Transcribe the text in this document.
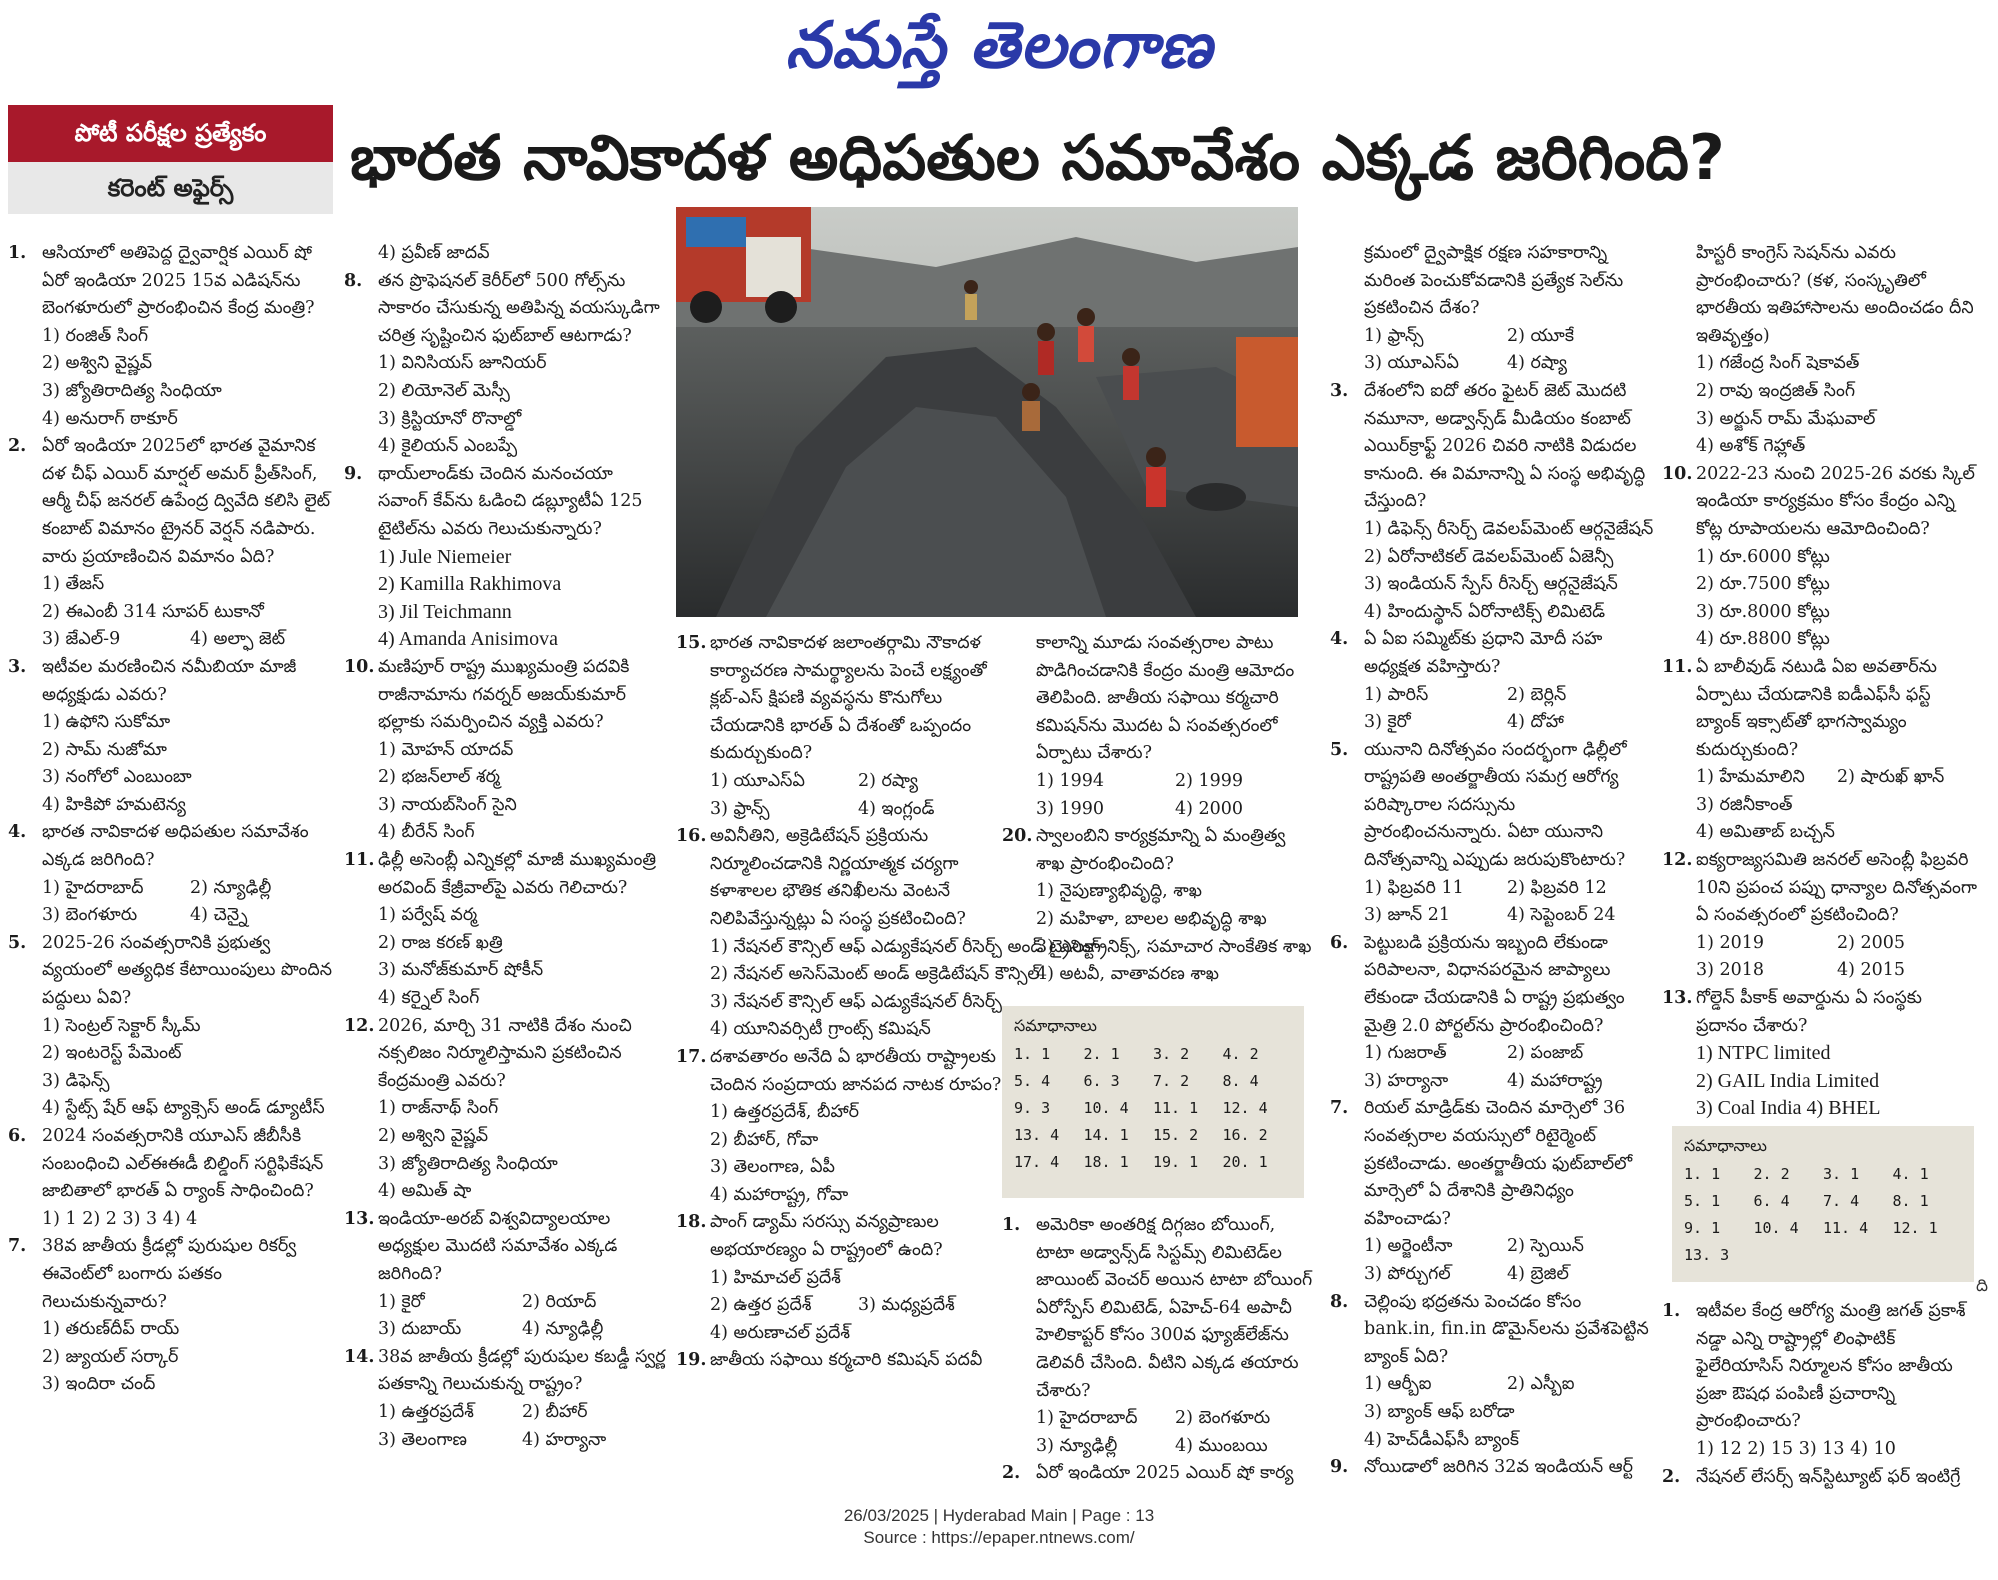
నమస్తే తెలంగాణ
పోటీ పరీక్షల ప్రత్యేకం
కరెంట్ అఫైర్స్	భారత నావికాదళ అధిపతుల సమావేశం ఎక్కడ జరిగింది?
1. ఆసియాలో అతిపెద్ద ద్వైవార్షిక ఎయిర్ షో ఏరో ఇండియా 2025 15వ ఎడిషన్‌ను బెంగళూరులో ప్రారంభించిన కేంద్ర మంత్రి?
1) రంజిత్ సింగ్
2) అశ్విని వైష్ణవ్
3) జ్యోతిరాదిత్య సింధియా
4) అనురాగ్ ఠాకూర్
2. ఏరో ఇండియా 2025లో భారత వైమానిక దళ చీఫ్ ఎయిర్ మార్షల్ అమర్ ప్రీత్‌సింగ్, ఆర్మీ చీఫ్ జనరల్ ఉపేంద్ర ద్వివేది కలిసి లైట్ కంబాట్ విమానం ట్రైనర్ వెర్షన్ నడిపారు. వారు ప్రయాణించిన విమానం ఏది?
1) తేజస్
2) ఈఎంబీ 314 సూపర్ టుకానో
3) జేఎల్-9	4) అల్ఫా జెట్
3. ఇటీవల మరణించిన నమీబియా మాజీ అధ్యక్షుడు ఎవరు?
1) ఉఫోని సుకోమా
2) సామ్ నుజోమా
3) నంగోలో ఎంబుంబా
4) హికిపో హమటెన్య
4. భారత నావికాదళ అధిపతుల సమావేశం ఎక్కడ జరిగింది?
1) హైదరాబాద్	2) న్యూఢిల్లీ
3) బెంగళూరు	4) చెన్నై
5. 2025-26 సంవత్సరానికి ప్రభుత్వ వ్యయంలో అత్యధిక కేటాయింపులు పొందిన పద్దులు ఏవి?
1) సెంట్రల్ సెక్టార్ స్కీమ్
2) ఇంటరెస్ట్ పేమెంట్
3) డిఫెన్స్
4) స్టేట్స్ షేర్ ఆఫ్ ట్యాక్సెస్ అండ్ డ్యూటీస్
6. 2024 సంవత్సరానికి యూఎస్ జీబీసీకి సంబంధించి ఎల్‌ఈఈడీ బిల్డింగ్ సర్టిఫికేషన్ జాబితాలో భారత్ ఏ ర్యాంక్ సాధించింది?
1) 1 2) 2 3) 3 4) 4
7. 38వ జాతీయ క్రీడల్లో పురుషుల రికర్వ్ ఈవెంట్‌లో బంగారు పతకం గెలుచుకున్నవారు?
1) తరుణ్‌దీప్ రాయ్
2) జ్యుయల్ సర్కార్
3) ఇందిరా చంద్
4) ప్రవీణ్ జాదవ్
8. తన ప్రొఫెషనల్ కెరీర్‌లో 500 గోల్స్‌ను సాకారం చేసుకున్న అతిపిన్న వయస్కుడిగా చరిత్ర సృష్టించిన ఫుట్‌బాల్ ఆటగాడు?
1) వినిసియస్ జూనియర్
2) లియోనెల్ మెస్సీ
3) క్రిస్టియానో రొనాల్డో
4) కైలియన్ ఎంబప్పే
9. థాయ్‌లాండ్‌కు చెందిన మనంచయా సవాంగ్ కేవ్‌ను ఓడించి డబ్ల్యూటీఏ 125 టైటిల్‌ను ఎవరు గెలుచుకున్నారు?
1) Jule Niemeier
2) Kamilla Rakhimova
3) Jil Teichmann
4) Amanda Anisimova
10. మణిపూర్ రాష్ట్ర ముఖ్యమంత్రి పదవికి రాజీనామాను గవర్నర్ అజయ్‌కుమార్ భల్లాకు సమర్పించిన వ్యక్తి ఎవరు?
1) మోహన్ యాదవ్
2) భజన్‌లాల్ శర్మ
3) నాయబ్‌సింగ్ సైని
4) బీరేన్ సింగ్
11. ఢిల్లీ అసెంబ్లీ ఎన్నికల్లో మాజీ ముఖ్యమంత్రి అరవింద్ కేజ్రీవాల్‌పై ఎవరు గెలిచారు?
1) పర్వేష్ వర్మ
2) రాజ కరణ్ ఖత్రి
3) మనోజ్‌కుమార్ షోకీన్
4) కర్నైల్ సింగ్
12. 2026, మార్చి 31 నాటికి దేశం నుంచి నక్సలిజం నిర్మూలిస్తామని ప్రకటించిన కేంద్రమంత్రి ఎవరు?
1) రాజ్‌నాథ్ సింగ్
2) అశ్విని వైష్ణవ్
3) జ్యోతిరాదిత్య సింధియా
4) అమిత్ షా
13. ఇండియా-అరబ్ విశ్వవిద్యాలయాల అధ్యక్షుల మొదటి సమావేశం ఎక్కడ జరిగింది?
1) కైరో	2) రియాద్
3) దుబాయ్	4) న్యూఢిల్లీ
14. 38వ జాతీయ క్రీడల్లో పురుషుల కబడ్డీ స్వర్ణ పతకాన్ని గెలుచుకున్న రాష్ట్రం?
1) ఉత్తరప్రదేశ్	2) బీహార్
3) తెలంగాణ	4) హర్యానా
15. భారత నావికాదళ జలాంతర్గామి నౌకాదళ కార్యాచరణ సామర్థ్యాలను పెంచే లక్ష్యంతో క్లబ్-ఎస్ క్షిపణి వ్యవస్థను కొనుగోలు చేయడానికి భారత్ ఏ దేశంతో ఒప్పందం కుదుర్చుకుంది?
1) యూఎస్ఏ	2) రష్యా
3) ఫ్రాన్స్	4) ఇంగ్లండ్
16. అవినీతిని, అక్రెడిటేషన్ ప్రక్రియను నిర్మూలించడానికి నిర్ణయాత్మక చర్యగా కళాశాలల భౌతిక తనిఖీలను వెంటనే నిలిపివేస్తున్నట్లు ఏ సంస్థ ప్రకటించింది?
1) నేషనల్ కౌన్సిల్ ఆఫ్ ఎడ్యుకేషనల్ రీసెర్చ్ అండ్ ట్రైనింగ్
2) నేషనల్ అసెస్‌మెంట్ అండ్ అక్రెడిటేషన్ కౌన్సిల్
3) నేషనల్ కౌన్సిల్ ఆఫ్ ఎడ్యుకేషనల్ రీసెర్చ్
4) యూనివర్సిటీ గ్రాంట్స్ కమిషన్
17. దశావతారం అనేది ఏ భారతీయ రాష్ట్రాలకు చెందిన సంప్రదాయ జానపద నాటక రూపం?
1) ఉత్తరప్రదేశ్, బీహార్
2) బీహార్, గోవా
3) తెలంగాణ, ఏపీ
4) మహారాష్ట్ర, గోవా
18. పాంగ్ డ్యామ్ సరస్సు వన్యప్రాణుల అభయారణ్యం ఏ రాష్ట్రంలో ఉంది?
1) హిమాచల్ ప్రదేశ్
2) ఉత్తర ప్రదేశ్	3) మధ్యప్రదేశ్
4) అరుణాచల్ ప్రదేశ్
19. జాతీయ సఫాయి కర్మచారి కమిషన్ పదవీ
కాలాన్ని మూడు సంవత్సరాల పాటు పొడిగించడానికి కేంద్రం మంత్రి ఆమోదం తెలిపింది. జాతీయ సఫాయి కర్మచారి కమిషన్‌ను మొదట ఏ సంవత్సరంలో ఏర్పాటు చేశారు?
1) 1994	2) 1999
3) 1990	4) 2000
20. స్వాలంబిని కార్యక్రమాన్ని ఏ మంత్రిత్వ శాఖ ప్రారంభించింది?
1) నైపుణ్యాభివృద్ధి, శాఖ
2) మహిళా, బాలల అభివృద్ధి శాఖ
3) ఎలక్ట్రానిక్స్, సమాచార సాంకేతిక శాఖ
4) అటవీ, వాతావరణ శాఖ
సమాధానాలు
1. 1	2. 1	3. 2	4. 2
5. 4	6. 3	7. 2	8. 4
9. 3	10. 4	11. 1	12. 4
13. 4	14. 1	15. 2	16. 2
17. 4	18. 1	19. 1	20. 1
1. అమెరికా అంతరిక్ష దిగ్గజం బోయింగ్, టాటా అడ్వాన్స్‌డ్ సిస్టమ్స్ లిమిటెడ్‌ల జాయింట్ వెంచర్ అయిన టాటా బోయింగ్ ఏరోస్పేస్ లిమిటెడ్, ఏహెచ్-64 అపాచీ హెలికాప్టర్ కోసం 300వ ఫ్యూజ్‌లేజ్‌ను డెలివరీ చేసింది. వీటిని ఎక్కడ తయారు చేశారు?
1) హైదరాబాద్	2) బెంగళూరు
3) న్యూఢిల్లీ	4) ముంబయి
2. ఏరో ఇండియా 2025 ఎయిర్ షో కార్య
క్రమంలో ద్వైపాక్షిక రక్షణ సహకారాన్ని మరింత పెంచుకోవడానికి ప్రత్యేక సెల్‌ను ప్రకటించిన దేశం?
1) ఫ్రాన్స్	2) యూకే
3) యూఎస్ఏ	4) రష్యా
3. దేశంలోని ఐదో తరం ఫైటర్ జెట్ మొదటి నమూనా, అడ్వాన్స్‌డ్ మీడియం కంబాట్ ఎయిర్‌క్రాఫ్ట్ 2026 చివరి నాటికి విడుదల కానుంది. ఈ విమానాన్ని ఏ సంస్థ అభివృద్ధి చేస్తుంది?
1) డిఫెన్స్ రీసెర్చ్ డెవలప్‌మెంట్ ఆర్గనైజేషన్
2) ఏరోనాటికల్ డెవలప్‌మెంట్ ఏజెన్సీ
3) ఇండియన్ స్పేస్ రీసెర్చ్ ఆర్గనైజేషన్
4) హిందుస్థాన్ ఏరోనాటిక్స్ లిమిటెడ్
4. ఏ ఏఐ సమ్మిట్‌కు ప్రధాని మోదీ సహ అధ్యక్షత వహిస్తారు?
1) పారిస్	2) బెర్లిన్
3) కైరో	4) దోహా
5. యునాని దినోత్సవం సందర్భంగా ఢిల్లీలో రాష్ట్రపతి అంతర్జాతీయ సమగ్ర ఆరోగ్య పరిష్కారాల సదస్సును ప్రారంభించనున్నారు. ఏటా యునాని దినోత్సవాన్ని ఎప్పుడు జరుపుకొంటారు?
1) ఫిబ్రవరి 11	2) ఫిబ్రవరి 12
3) జూన్ 21	4) సెప్టెంబర్ 24
6. పెట్టుబడి ప్రక్రియను ఇబ్బంది లేకుండా పరిపాలనా, విధానపరమైన జాప్యాలు లేకుండా చేయడానికి ఏ రాష్ట్ర ప్రభుత్వం మైత్రి 2.0 పోర్టల్‌ను ప్రారంభించింది?
1) గుజరాత్	2) పంజాబ్
3) హర్యానా	4) మహారాష్ట్ర
7. రియల్ మాడ్రిడ్‌కు చెందిన మార్సెలో 36 సంవత్సరాల వయస్సులో రిటైర్మెంట్ ప్రకటించాడు. అంతర్జాతీయ ఫుట్‌బాల్‌లో మార్సెలో ఏ దేశానికి ప్రాతినిధ్యం వహించాడు?
1) అర్జెంటీనా	2) స్పెయిన్
3) పోర్చుగల్	4) బ్రెజిల్
8. చెల్లింపు భద్రతను పెంచడం కోసం bank.in, fin.in డొమైన్‌లను ప్రవేశపెట్టిన బ్యాంక్ ఏది?
1) ఆర్బీఐ	2) ఎస్బీఐ
3) బ్యాంక్ ఆఫ్ బరోడా
4) హెచ్‌డీఎఫ్‌సీ బ్యాంక్
9. నోయిడాలో జరిగిన 32వ ఇండియన్ ఆర్ట్
హిస్టరీ కాంగ్రెస్ సెషన్‌ను ఎవరు ప్రారంభించారు? (కళ, సంస్కృతిలో భారతీయ ఇతిహాసాలను అందించడం దీని ఇతివృత్తం)
1) గజేంద్ర సింగ్ షెకావత్
2) రావు ఇంద్రజిత్ సింగ్
3) అర్జున్ రామ్ మేఘవాల్
4) అశోక్ గెహ్లాత్
10. 2022-23 నుంచి 2025-26 వరకు స్కిల్ ఇండియా కార్యక్రమం కోసం కేంద్రం ఎన్ని కోట్ల రూపాయలను ఆమోదించింది?
1) రూ.6000 కోట్లు
2) రూ.7500 కోట్లు
3) రూ.8000 కోట్లు
4) రూ.8800 కోట్లు
11. ఏ బాలీవుడ్ నటుడి ఏఐ అవతార్‌ను ఏర్పాటు చేయడానికి ఐడీఎఫ్‌సీ ఫస్ట్ బ్యాంక్ ఇక్సాట్‌తో భాగస్వామ్యం కుదుర్చుకుంది?
1) హేమమాలిని	2) షారుఖ్ ఖాన్
3) రజినీకాంత్
4) అమితాబ్ బచ్చన్
12. ఐక్యరాజ్యసమితి జనరల్ అసెంబ్లీ ఫిబ్రవరి 10ని ప్రపంచ పప్పు ధాన్యాల దినోత్సవంగా ఏ సంవత్సరంలో ప్రకటించింది?
1) 2019	2) 2005
3) 2018	4) 2015
13. గోల్డెన్ పీకాక్ అవార్డును ఏ సంస్థకు ప్రదానం చేశారు?
1) NTPC limited
2) GAIL India Limited
3) Coal India 4) BHEL
సమాధానాలు
1. 1	2. 2	3. 1	4. 1
5. 1	6. 4	7. 4	8. 1
9. 1	10. 4	11. 4	12. 1
13. 3
1. ఇటీవల కేంద్ర ఆరోగ్య మంత్రి జగత్ ప్రకాశ్ నడ్డా ఎన్ని రాష్ట్రాల్లో లింఫాటిక్ ఫైలేరియాసిస్ నిర్మూలన కోసం జాతీయ ప్రజా ఔషధ పంపిణీ ప్రచారాన్ని ప్రారంభించారు?
1) 12 2) 15 3) 13 4) 10
2. నేషనల్ లేసర్స్ ఇన్‌స్టిట్యూట్ ఫర్ ఇంటిగ్రే
ది
26/03/2025 | Hyderabad Main | Page : 13
Source : https://epaper.ntnews.com/
